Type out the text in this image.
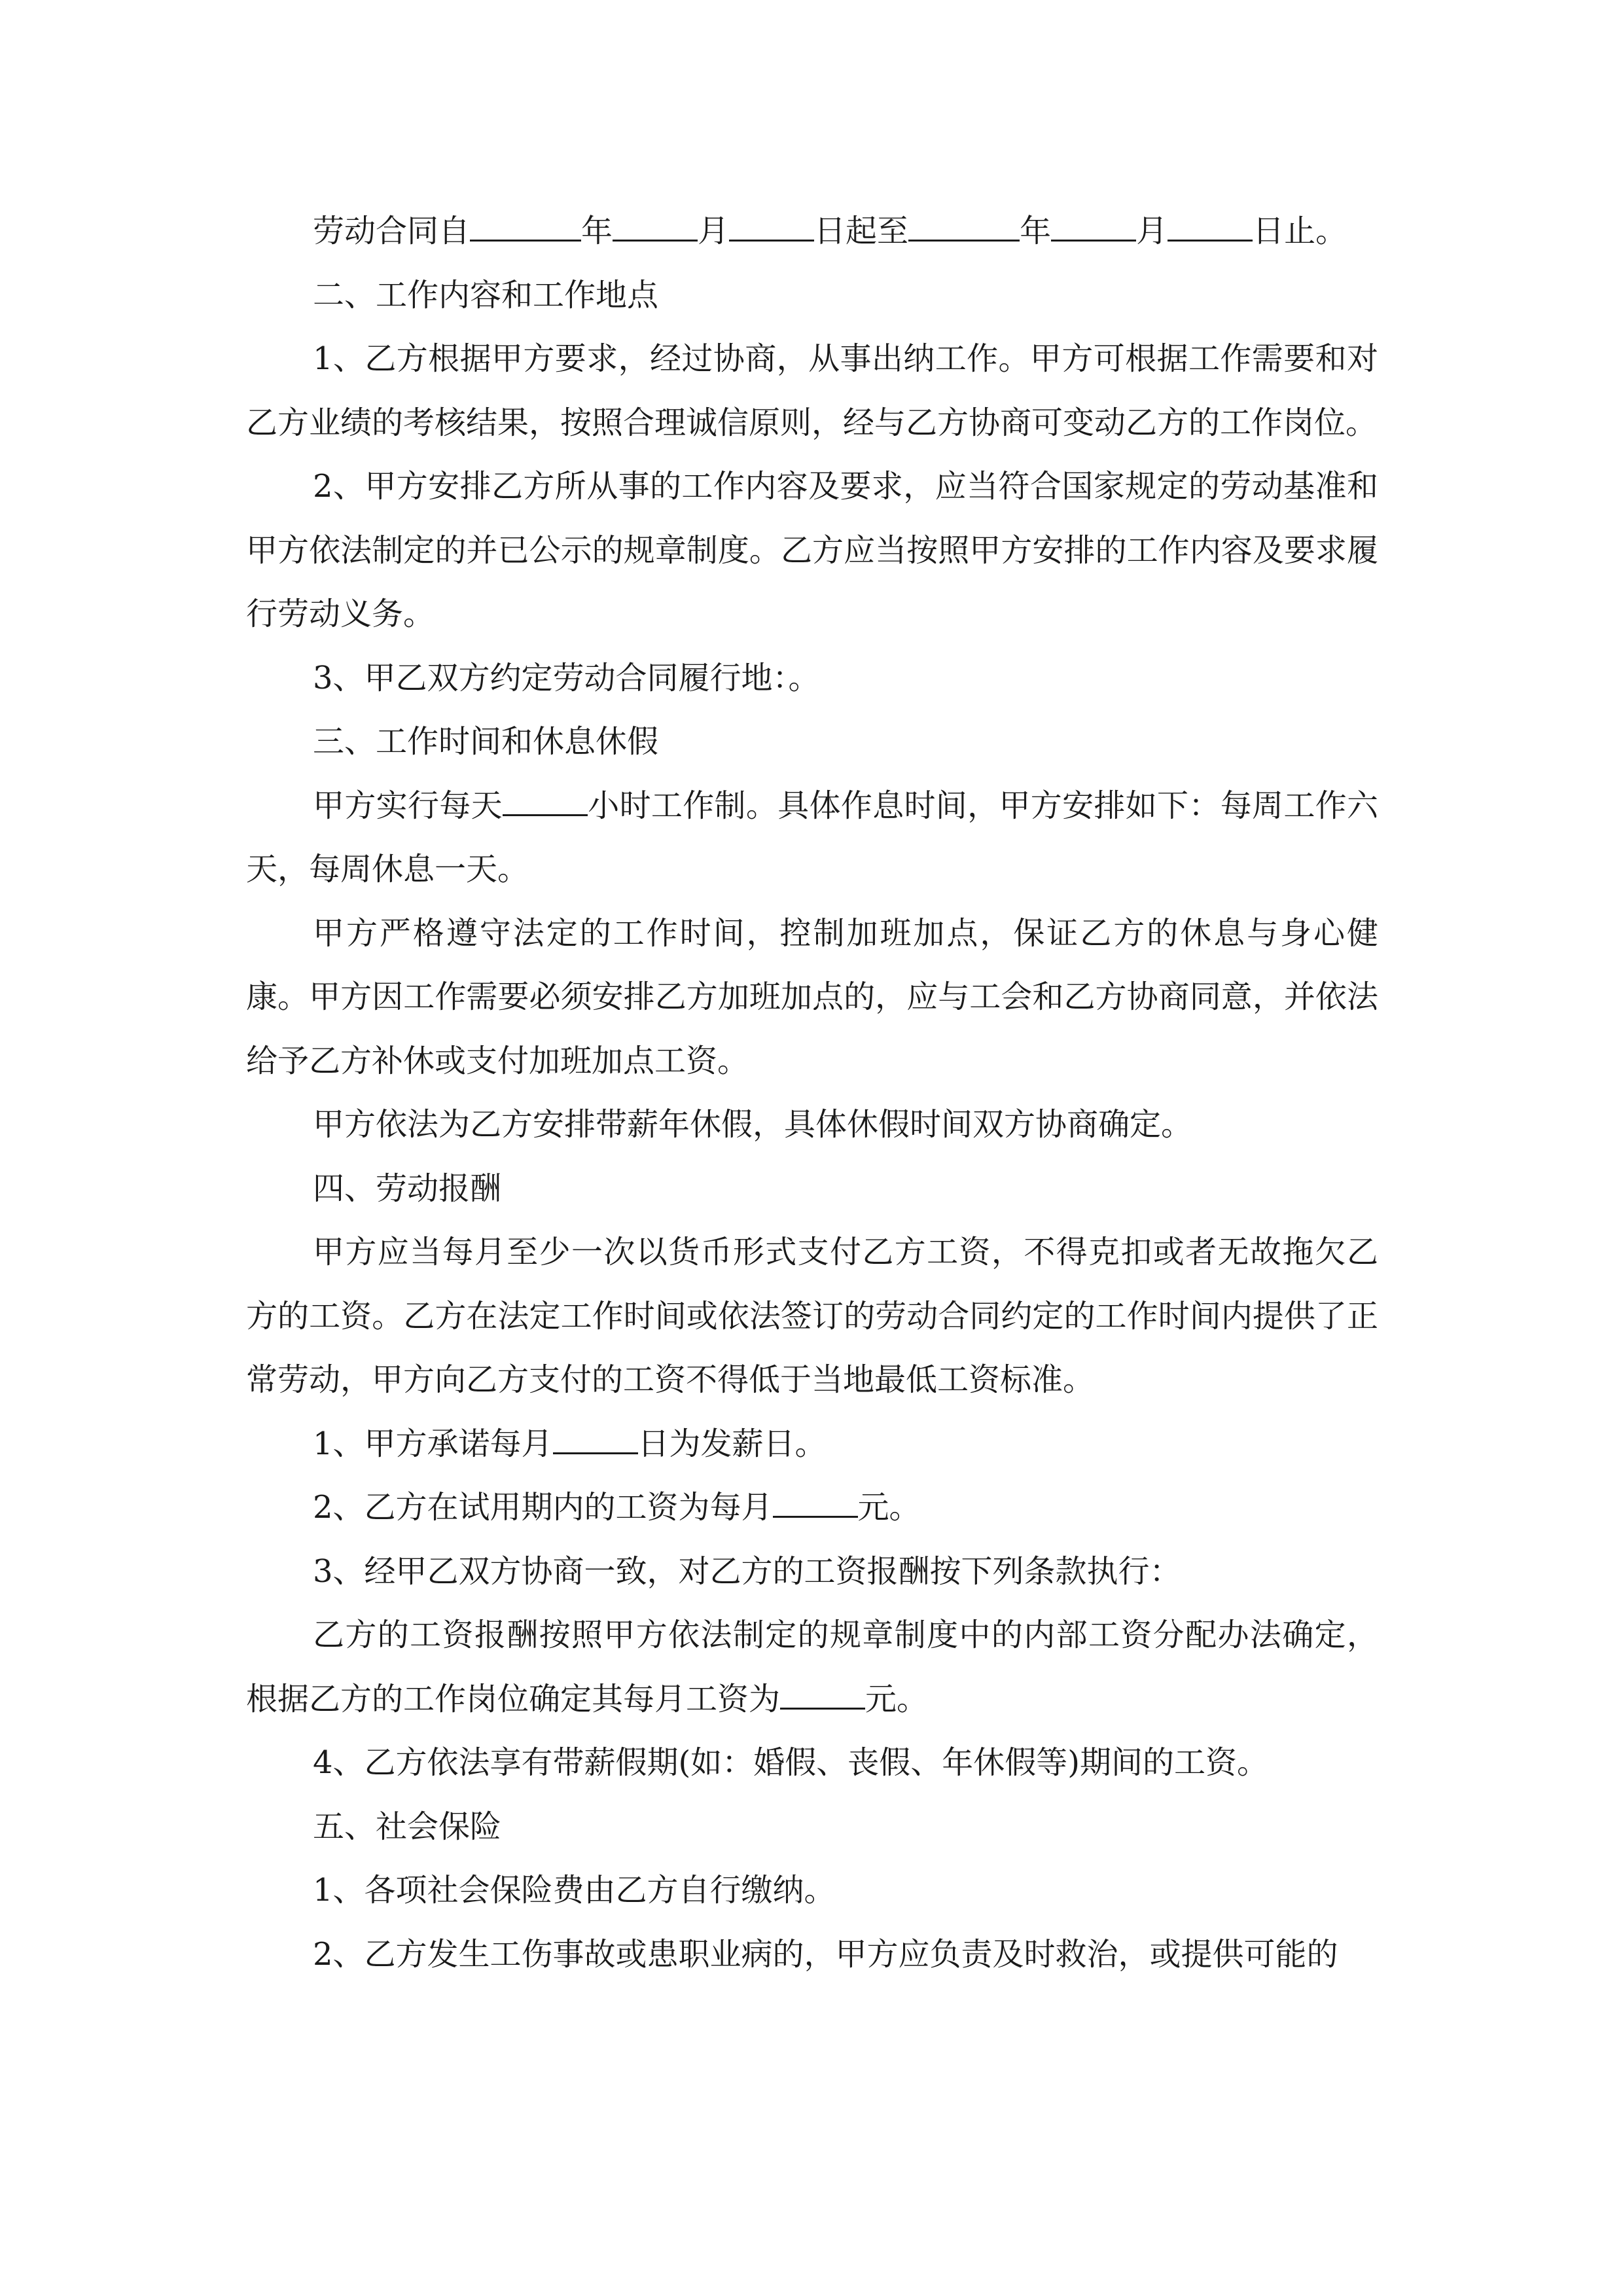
劳动合同自	年	月	日起至	年	月	日止。

二、工作内容和工作地点

1、乙方根据甲方要求，经过协商，从事出纳工作。甲方可根据工作需要和对乙方业绩的考核结果，按照合理诚信原则，经与乙方协商可变动乙方的工作岗位。

2、甲方安排乙方所从事的工作内容及要求，应当符合国家规定的劳动基准和甲方依法制定的并已公示的规章制度。乙方应当按照甲方安排的工作内容及要求履行劳动义务。

3、甲乙双方约定劳动合同履行地：。

三、工作时间和休息休假

甲方实行每天	小时工作制。具体作息时间，甲方安排如下：每周工作六天，每周休息一天。

甲方严格遵守法定的工作时间，控制加班加点，保证乙方的休息与身心健康。甲方因工作需要必须安排乙方加班加点的，应与工会和乙方协商同意，并依法给予乙方补休或支付加班加点工资。

甲方依法为乙方安排带薪年休假，具体休假时间双方协商确定。

四、劳动报酬

甲方应当每月至少一次以货币形式支付乙方工资，不得克扣或者无故拖欠乙方的工资。乙方在法定工作时间或依法签订的劳动合同约定的工作时间内提供了正常劳动，甲方向乙方支付的工资不得低于当地最低工资标准。

1、甲方承诺每月	日为发薪日。

2、乙方在试用期内的工资为每月	元。

3、经甲乙双方协商一致，对乙方的工资报酬按下列条款执行：

乙方的工资报酬按照甲方依法制定的规章制度中的内部工资分配办法确定，根据乙方的工作岗位确定其每月工资为	元。

4、乙方依法享有带薪假期(如：婚假、丧假、年休假等)期间的工资。

五、社会保险

1、各项社会保险费由乙方自行缴纳。

2、乙方发生工伤事故或患职业病的，甲方应负责及时救治，或提供可能的
